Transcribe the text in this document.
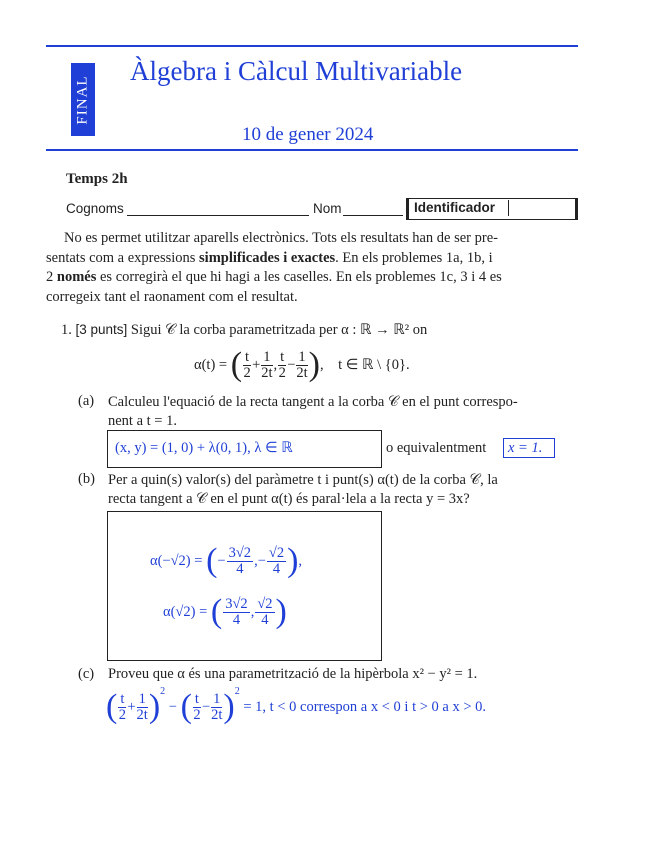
FINAL
Àlgebra i Càlcul Multivariable
10 de gener 2024
Temps 2h
Cognoms	Nom	Identificador
No es permet utilitzar aparells electrònics. Tots els resultats han de ser pre-
sentats com a expressions simplificades i exactes. En els problemes 1a, 1b, i
2 només es corregirà el que hi hagi a les caselles. En els problemes 1c, 3 i 4 es
corregeix tant el raonament com el resultat.
1. [3 punts] Sigui 𝒞 la corba parametritzada per α : ℝ → ℝ² on
α(t) =
( $\frac{t}{2} + \frac{1}{2t}$ , $\frac{t}{2} - \frac{1}{2t}$ ) , t ∈ ℝ \ {0}.
(a) Calculeu l'equació de la recta tangent a la corba 𝒞 en el punt correspo-
nent a t = 1.
(x, y) = (1, 0) + λ(0, 1), λ ∈ ℝ	o equivalentment x = 1.
(b) Per a quin(s) valor(s) del paràmetre t i punt(s) α(t) de la corba 𝒞, la
recta tangent a 𝒞 en el punt α(t) és paral·lela a la recta y = 3x?
α(−√2) =
( − $\frac{3√2}{4}$ ,− $\frac{√2}{4}$ ) ,
α(√2) =
( $\frac{3√2}{4}$ , $\frac{√2}{4}$ )
(c) Proveu que α és una parametrització de la hipèrbola x² − y² = 1.
( $\frac{t}{2} + \frac{1}{2t} )^2$
− ( $\frac{t}{2} - \frac{1}{2t} )^2$

= 1, t < 0 correspon a x < 0 i t > 0 a x > 0.
